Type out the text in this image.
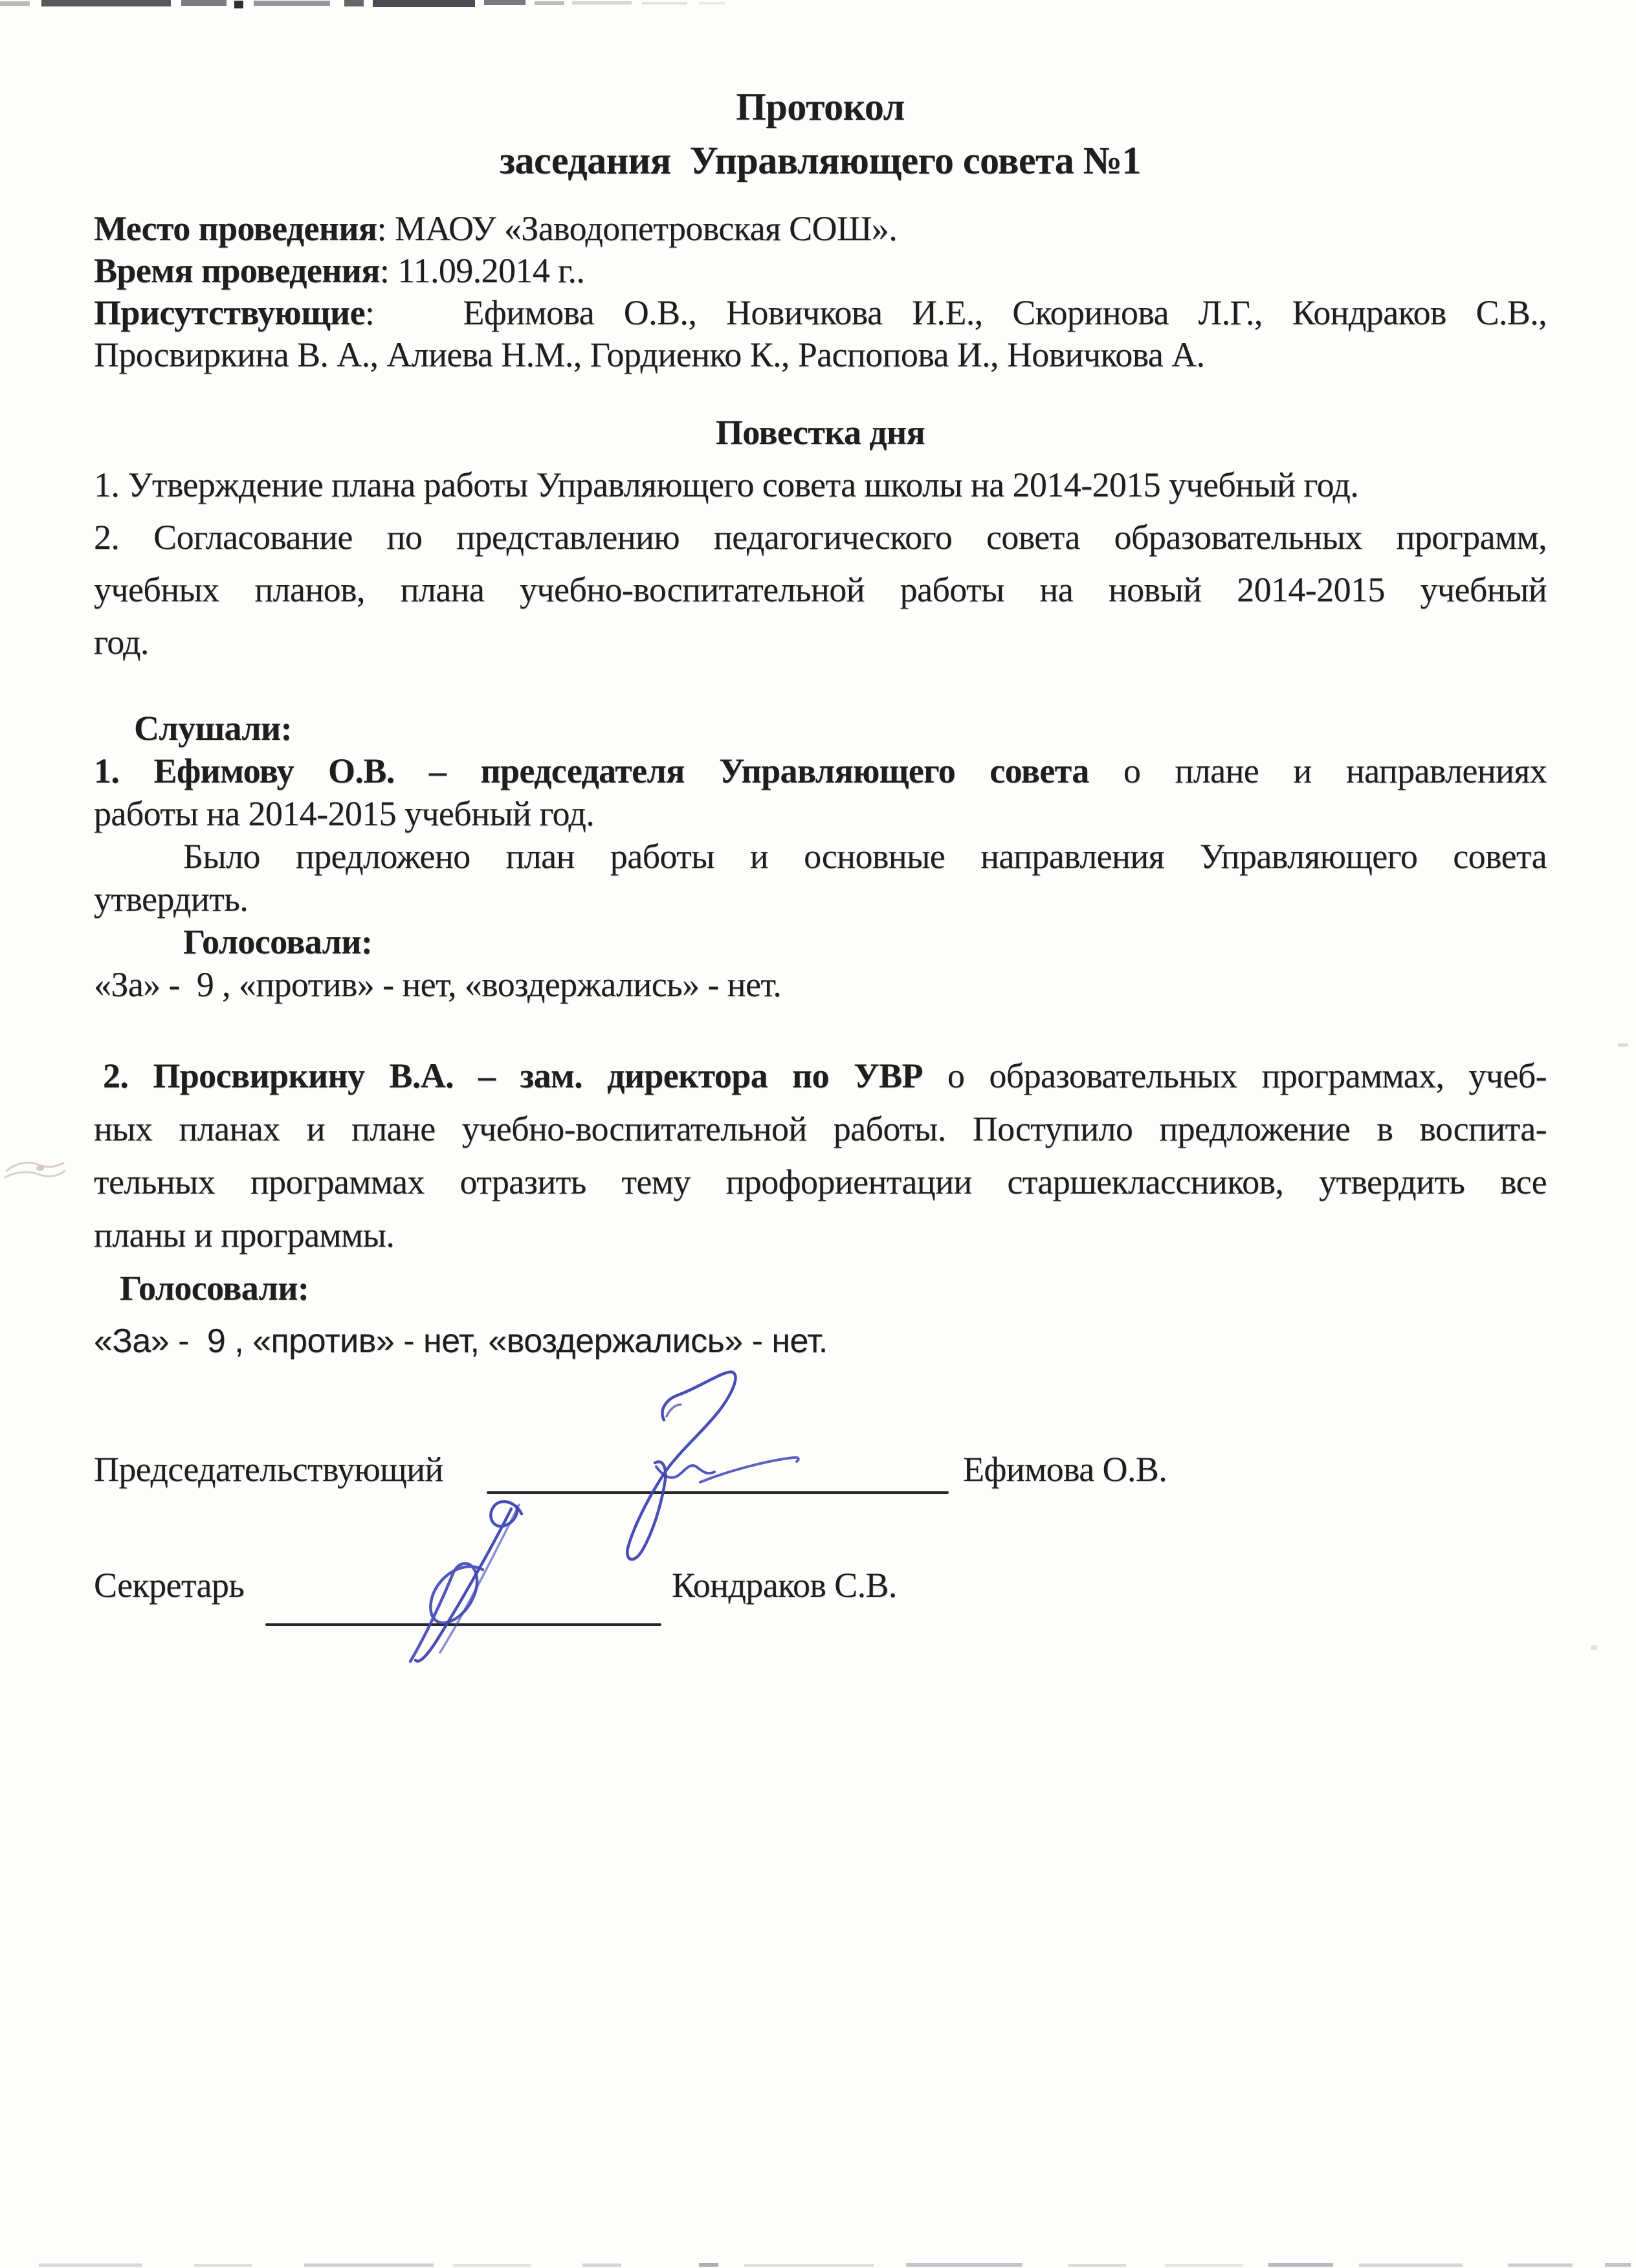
Протокол
заседания  Управляющего совета №1
Место проведения: МАОУ «Заводопетровская СОШ».
Время проведения: 11.09.2014 г..
Присутствующие:   Ефимова О.В., Новичкова И.Е., Скоринова Л.Г., Кондраков С.В.,
Просвиркина В. А., Алиева Н.М., Гордиенко К., Распопова И., Новичкова А.
Повестка дня
1. Утверждение плана работы Управляющего совета школы на 2014-2015 учебный год.
2. Согласование по представлению педагогического совета образовательных программ,
учебных планов, плана учебно-воспитательной работы на новый 2014-2015 учебный
год.
Слушали:
1. Ефимову О.В. – председателя Управляющего совета о плане и направлениях
работы на 2014-2015 учебный год.
Было предложено план работы и основные направления Управляющего совета
утвердить.
Голосовали:
«За» -  9 , «против» - нет, «воздержались» - нет.
2. Просвиркину В.А. – зам. директора по УВР о образовательных программах, учеб-
ных планах и плане учебно-воспитательной работы. Поступило предложение в воспита-
тельных программах отразить тему профориентации старшеклассников, утвердить все
планы и программы.
Голосовали:
«За» -  9 , «против» - нет, «воздержались» - нет.
Председательствующий	Ефимова О.В.
Секретарь	Кондраков С.В.
